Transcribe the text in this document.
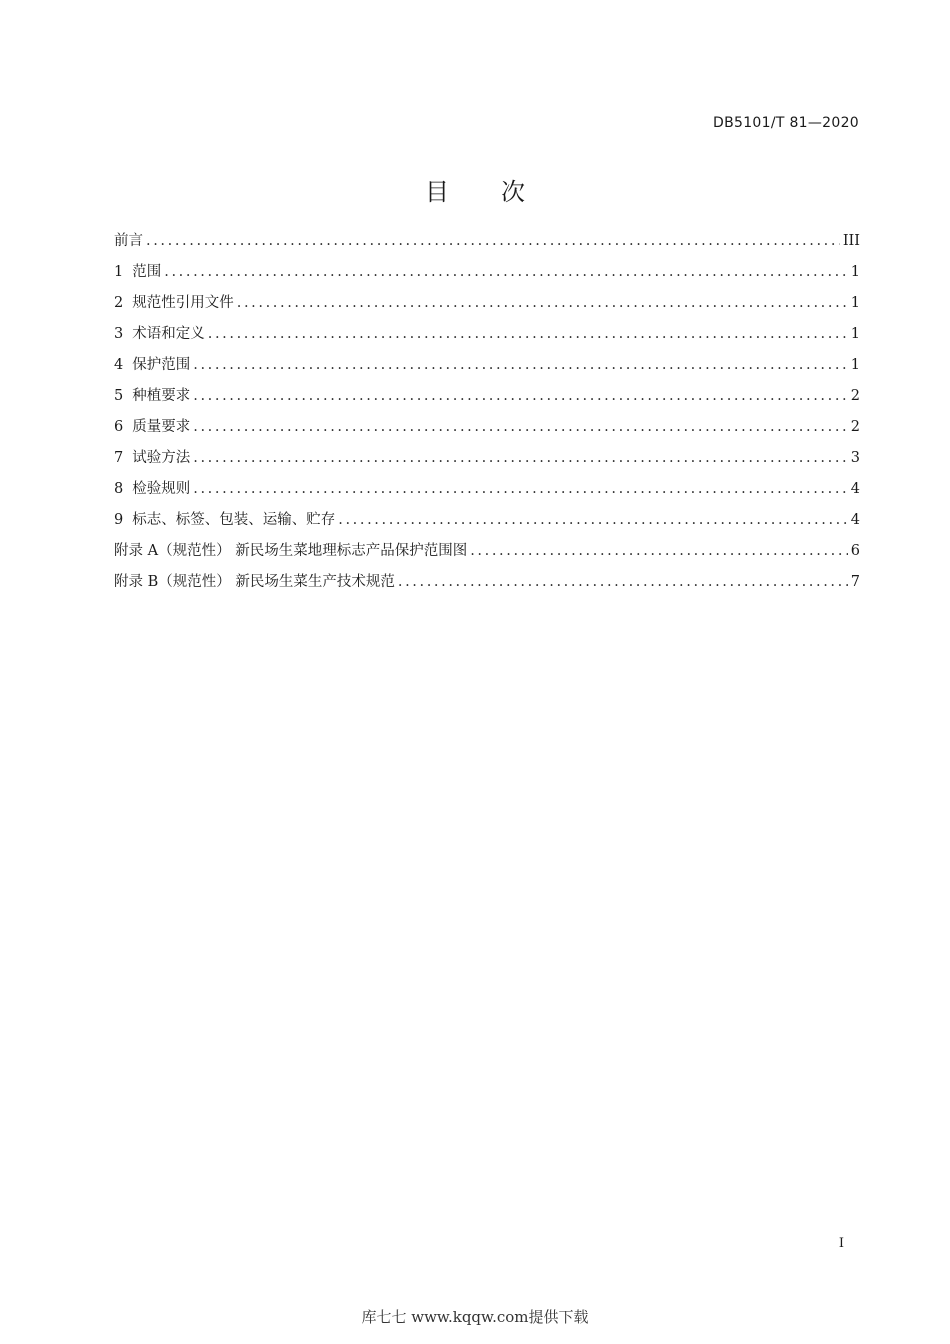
DB5101/T 81—2020
目 次
前言 .....	III
1 范围 .....	1
2 规范性引用文件 .....	1
3 术语和定义 .....	1
4 保护范围 .....	1
5 种植要求 .....	2
6 质量要求 .....	2
7 试验方法 .....	3
8 检验规则 .....	4
9 标志、标签、包装、运输、贮存 .....	4
附录 A（规范性） 新民场生菜地理标志产品保护范围图 .....	6
附录 B（规范性） 新民场生菜生产技术规范 .....	7
I
库七七 www.kqqw.com提供下载
